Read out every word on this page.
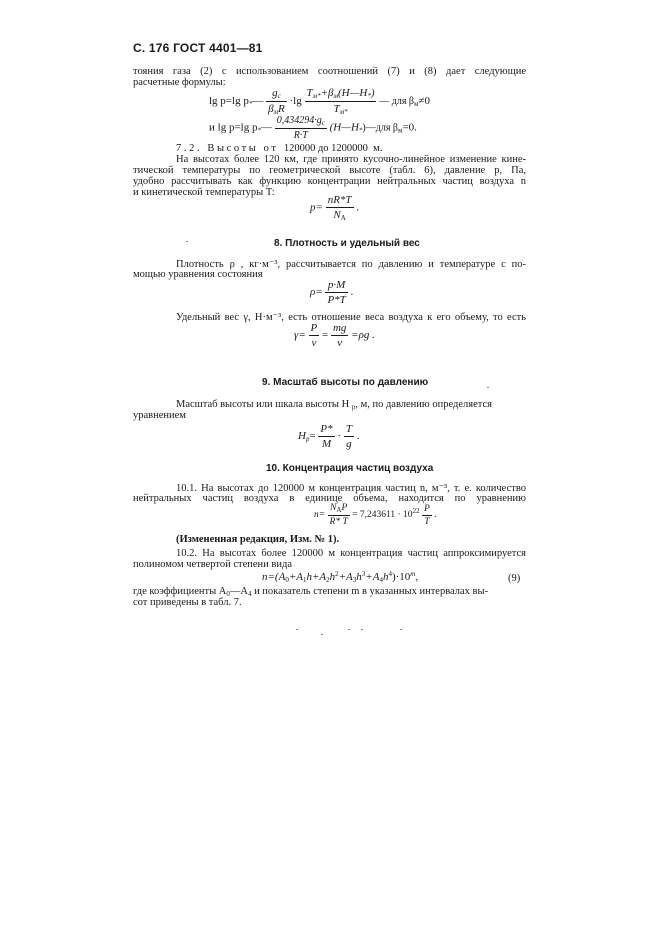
С. 176 ГОСТ 4401—81
тояния газа (2) с использованием соотношений (7) и (8) дает следующие
расчетные формулы:
lg p=lg $p_*— \frac{g_c}{\beta_мR} \cdot\lg \frac{T_{м*}+\beta_м(H—H_*)}{T_{м*}}$ — для $\beta_м\ne 0$
и lg p=lg $p_*— \frac{0,434294\cdot g_c}{R\cdot T}$ $(H—H_*)—для$ $\beta_м=0$.
7.2. Высоты от 120000 до 1200000 м.
На высотах более 120 км, где принято кусочно-линейное изменение кине-
тической температуры по геометрической высоте (табл. 6), давление p, Па,
удобно рассчитывать как функцию концентрации нейтральных частиц воздуха n
и кинетической температуры T:
$p= \frac{nR*T}{N_A}$ .
8. Плотность и удельный вес
Плотность ρ , кг·м⁻³, рассчитывается по давлению и температуре с по-
мощью уравнения состояния
$\rho= \frac{p\cdot M}{P*T}$ .
Удельный вес γ, Н·м⁻³, есть отношение веса воздуха к его объему, то есть
$\gamma= \frac{P}{v} = \frac{mg}{v} =\rho g$ .
9. Масштаб высоты по давлению
Масштаб высоты или шкала высоты H $_p$, м, по давлению определяется
уравнением
$H_p= \frac{P*}{M} \cdot \frac{T}{g}$ .
10. Концентрация частиц воздуха
10.1. На высотах до 120000 м концентрация частиц n, м⁻³, т. е. количество
нейтральных частиц воздуха в единице объема, находится по уравнению
$n= \frac{N_AP}{R* T} = 7,243611 \cdot 10^{22} \frac{P}{T}$ .
(Измененная редакция, Изм. № 1).
10.2. На высотах более 120000 м концентрация частиц аппроксимируется
полиномом четвертой степени вида
$n=(A_0+A_1h+A_2h^2+A_3h^3+A_4h^4)\cdot 10^m$,	(9)
где коэффициенты $A_0—A_4$ и показатель степени m в указанных интервалах вы-
сот приведены в табл. 7.
